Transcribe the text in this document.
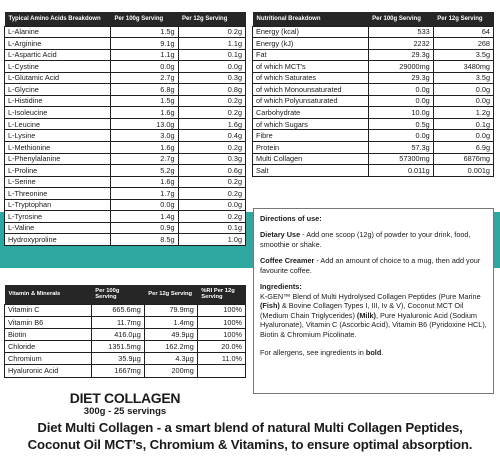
Typical Amino Acids Breakdown	Per 100g Serving	Per 12g Serving
L-Alanine	1.5g	0.2g
L-Arginine	9.1g	1.1g
L-Aspartic Acid	1.1g	0.1g
L-Cystine	0.0g	0.0g
L-Glutamic Acid	2.7g	0.3g
L-Glycine	6.8g	0.8g
L-Histidine	1.5g	0.2g
L-Isoleucine	1.6g	0.2g
L-Leucine	13.0g	1.6g
L-Lysine	3.0g	0.4g
L-Methionine	1.6g	0.2g
L-Phenylalanine	2.7g	0.3g
L-Proline	5.2g	0.6g
L-Serine	1.6g	0.2g
L-Threonine	1.7g	0.2g
L-Tryptophan	0.0g	0.0g
L-Tyrosine	1.4g	0.2g
L-Valine	0.9g	0.1g
Hydroxyproline	8.5g	1.0g
Nutritional Breakdown	Per 100g Serving	Per 12g Serving
Energy (kcal)	533	64
Energy (kJ)	2232	268
Fat	29.3g	3.5g
of which MCT's	29000mg	3480mg
of which Saturates	29.3g	3.5g
of which Monounsaturated	0.0g	0.0g
of which Polyunsaturated	0.0g	0.0g
Carbohydrate	10.0g	1.2g
of which Sugars	0.5g	0.1g
Fibre	0.0g	0.0g
Protein	57.3g	6.9g
Multi Collagen	57300mg	6876mg
Salt	0.011g	0.001g
Vitamin & Minerals	Per 100g Serving	Per 12g Serving	%RI Per 12g Serving
Vitamin C	665.6mg	79.9mg	100%
Vitamin B6	11.7mg	1.4mg	100%
Biotin	416.0µg	49.9µg	100%
Chloride	1351.5mg	162.2mg	20.0%
Chromium	35.9µg	4.3µg	11.0%
Hyaluronic Acid	1667mg	200mg	

Directions of use:

Dietary Use - Add one scoop (12g) of powder to your drink, food, smoothie or shake.

Coffee Creamer - Add an amount of choice to a mug, then add your favourite coffee.

Ingredients:
K-GEN™ Blend of Multi Hydrolysed Collagen Peptides (Pure Marine (Fish) & Bovine Collagen Types I, III, Iv & V), Coconut MCT Oil (Medium Chain Triglycerides) (Milk), Pure Hyaluronic Acid (Sodium Hyaluronate), Vitamin C (Ascorbic Acid), Vitamin B6 (Pyridoxine HCL), Biotin & Chromium Picolinate.

For allergens, see ingredients in bold.

DIET COLLAGEN
300g - 25 servings
Diet Multi Collagen - a smart blend of natural Multi Collagen Peptides,
Coconut Oil MCT’s, Chromium & Vitamins, to ensure optimal absorption.
